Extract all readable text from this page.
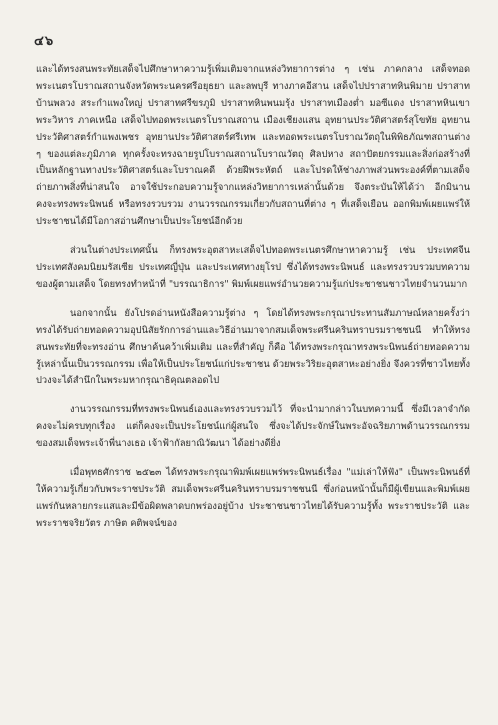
๔๖

และได้ทรงสนพระทัยเสด็จไปศึกษาหาความรู้เพิ่มเติมจากแหล่งวิทยาการต่าง ๆ เช่น ภาคกลาง เสด็จทอดพระเนตรโบราณสถานจังหวัดพระนครศรีอยุธยา และลพบุรี ทางภาคอีสาน เสด็จไปปราสาทหินพิมาย ปราสาทบ้านพลวง สระกำแพงใหญ่ ปราสาทศรีขรภูมิ ปราสาทหินพนมรุ้ง ปราสาทเมืองต่ำ มอซีแดง ปราสาทหินเขาพระวิหาร ภาคเหนือ เสด็จไปทอดพระเนตรโบราณสถาน เมืองเชียงแสน อุทยานประวัติศาสตร์สุโขทัย อุทยานประวัติศาสตร์กำแพงเพชร อุทยานประวัติศาสตร์ศรีเทพ และทอดพระเนตรโบราณวัตถุในพิพิธภัณฑสถานต่าง ๆ ของแต่ละภูมิภาค ทุกครั้งจะทรงฉายรูปโบราณสถานโบราณวัตถุ ศิลปหาง สถาปัตยกรรมและสิ่งก่อสร้างที่เป็นหลักฐานทางประวัติศาสตร์และโบราณคดี ด้วยฝีพระหัตถ์ และโปรดให้ช่างภาพส่วนพระองค์ที่ตามเสด็จ ถ่ายภาพสิ่งที่น่าสนใจ อาจใช้ประกอบความรู้จากแหล่งวิทยาการเหล่านั้นด้วย จึงตระบันให้ได้ว่า อีกมินาน คงจะทรงพระนิพนธ์ หรือทรงรวบรวม งานวรรณกรรมเกี่ยวกับสถานที่ต่าง ๆ ที่เสด็จเยือน ออกพิมพ์เผยแพร่ให้ประชาชนได้มีโอกาสอ่านศึกษาเป็นประโยชน์อีกด้วย

ส่วนในต่างประเทศนั้น ก็ทรงพระอุตสาหะเสด็จไปทอดพระเนตรศึกษาหาความรู้ เช่น ประเทศจีน ประเทศสังคมนิยมรัสเซีย ประเทศญี่ปุ่น และประเทศทางยุโรป ซึ่งได้ทรงพระนิพนธ์ และทรงรวบรวมบทความของผู้ตามเสด็จ โดยทรงทำหน้าที่ "บรรณาธิการ" พิมพ์เผยแพร่อำนวยความรู้แก่ประชาชนชาวไทยจำนวนมาก

นอกจากนั้น ยังโปรดอ่านหนังสือความรู้ต่าง ๆ โดยได้ทรงพระกรุณาประทานสัมภาษณ์หลายครั้งว่า ทรงได้รับถ่ายทอดความอุปนิสัยรักการอ่านและวิธีอ่านมาจากสมเด็จพระศรีนครินทราบรมราชชนนี ทำให้ทรงสนพระทัยที่จะทรงอ่าน ศึกษาค้นคว้าเพิ่มเติม และที่สำคัญ ก็คือ ได้ทรงพระกรุณาทรงพระนิพนธ์ถ่ายทอดความรู้เหล่านั้นเป็นวรรณกรรม เพื่อให้เป็นประโยชน์แก่ประชาชน ด้วยพระวิริยะอุตสาหะอย่างยิ่ง จึงควรที่ชาวไทยทั้งปวงจะได้สำนึกในพระมหากรุณาธิคุณตลอดไป

งานวรรณกรรมที่ทรงพระนิพนธ์เองและทรงรวบรวมไว้ ที่จะนำมากล่าวในบทความนี้ ซึ่งมีเวลาจำกัด คงจะไม่ครบทุกเรื่อง แต่ก็คงจะเป็นประโยชน์แก่ผู้สนใจ ซึ่งจะได้ประจักษ์ในพระอัจฉริยภาพด้านวรรณกรรมของสมเด็จพระเจ้าพี่นางเธอ เจ้าฟ้ากัลยาณิวัฒนา ได้อย่างดียิ่ง

เมื่อพุทธศักราช ๒๕๒๓ ได้ทรงพระกรุณาพิมพ์เผยแพร่พระนิพนธ์เรื่อง "แม่เล่าให้ฟัง" เป็นพระนิพนธ์ที่ให้ความรู้เกี่ยวกับพระราชประวัติ สมเด็จพระศรีนครินทราบรมราชชนนี ซึ่งก่อนหน้านั้นก็มีผู้เขียนและพิมพ์เผยแพร่กันหลายกระแสและมีข้อผิดพลาดบกพร่องอยู่บ้าง ประชาชนชาวไทยได้รับความรู้ทั้ง พระราชประวัติ และพระราชจริยวัตร ภาษิต คติพจน์ของ
